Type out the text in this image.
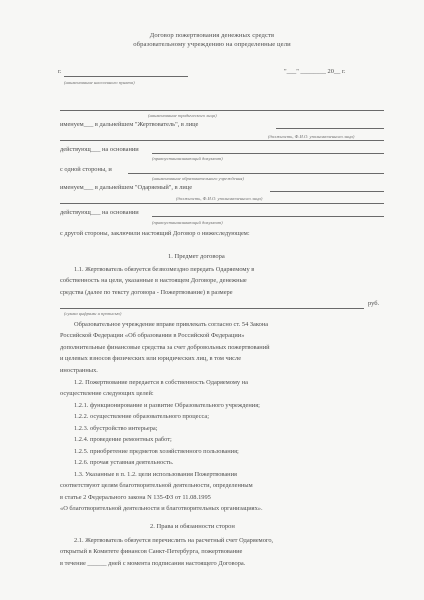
Договор пожертвования денежных средств
образовательному учреждению на определенные цели
г.	"___" ________ 20__ г.
(наименование населенного пункта)
(наименование юридического лица)
именуем___ в дальнейшем "Жертвователь", в лице
(должность, Ф.И.О. уполномоченного лица)
действующ___ на основании
(правоустанавливающий документ)
с одной стороны, и
(наименование образовательного учреждения)
именуем___ в дальнейшем "Одаряемый", в лице
(должность, Ф.И.О. уполномоченного лица)
действующ___ на основании
(правоустанавливающий документ)
с другой стороны, заключили настоящий Договор о нижеследующем:
1. Предмет договора
1.1. Жертвователь обязуется безвозмездно передать Одаряемому в
собственность на цели, указанные в настоящем Договоре, денежные
средства (далее по тексту договора - Пожертвование) в размере
руб.
(сумма цифрами и прописью)
Образовательное учреждение вправе привлекать согласно ст. 54 Закона
Российской Федерации «Об образовании в Российской Федерации»
дополнительные финансовые средства за счет добровольных пожертвований
и целевых взносов физических или юридических лиц, в том числе
иностранных.
1.2. Пожертвование передается в собственность Одаряемому на
осуществление следующих целей:
1.2.1. функционирование и развитие Образовательного учреждения;
1.2.2. осуществление образовательного процесса;
1.2.3. обустройство интерьера;
1.2.4. проведение ремонтных работ;
1.2.5. приобретение предметов хозяйственного пользования;
1.2.6. прочая уставная деятельность.
1.3. Указанные в п. 1.2. цели использования Пожертвования
соответствуют целям благотворительной деятельности, определенным
в статье 2 Федерального закона N 135-ФЗ от 11.08.1995
«О благотворительной деятельности и благотворительных организациях».
2. Права и обязанности сторон
2.1. Жертвователь обязуется перечислить на расчетный счет Одаряемого,
открытый в Комитете финансов Санкт-Петербурга, пожертвование
в течение ______ дней с момента подписания настоящего Договора.
